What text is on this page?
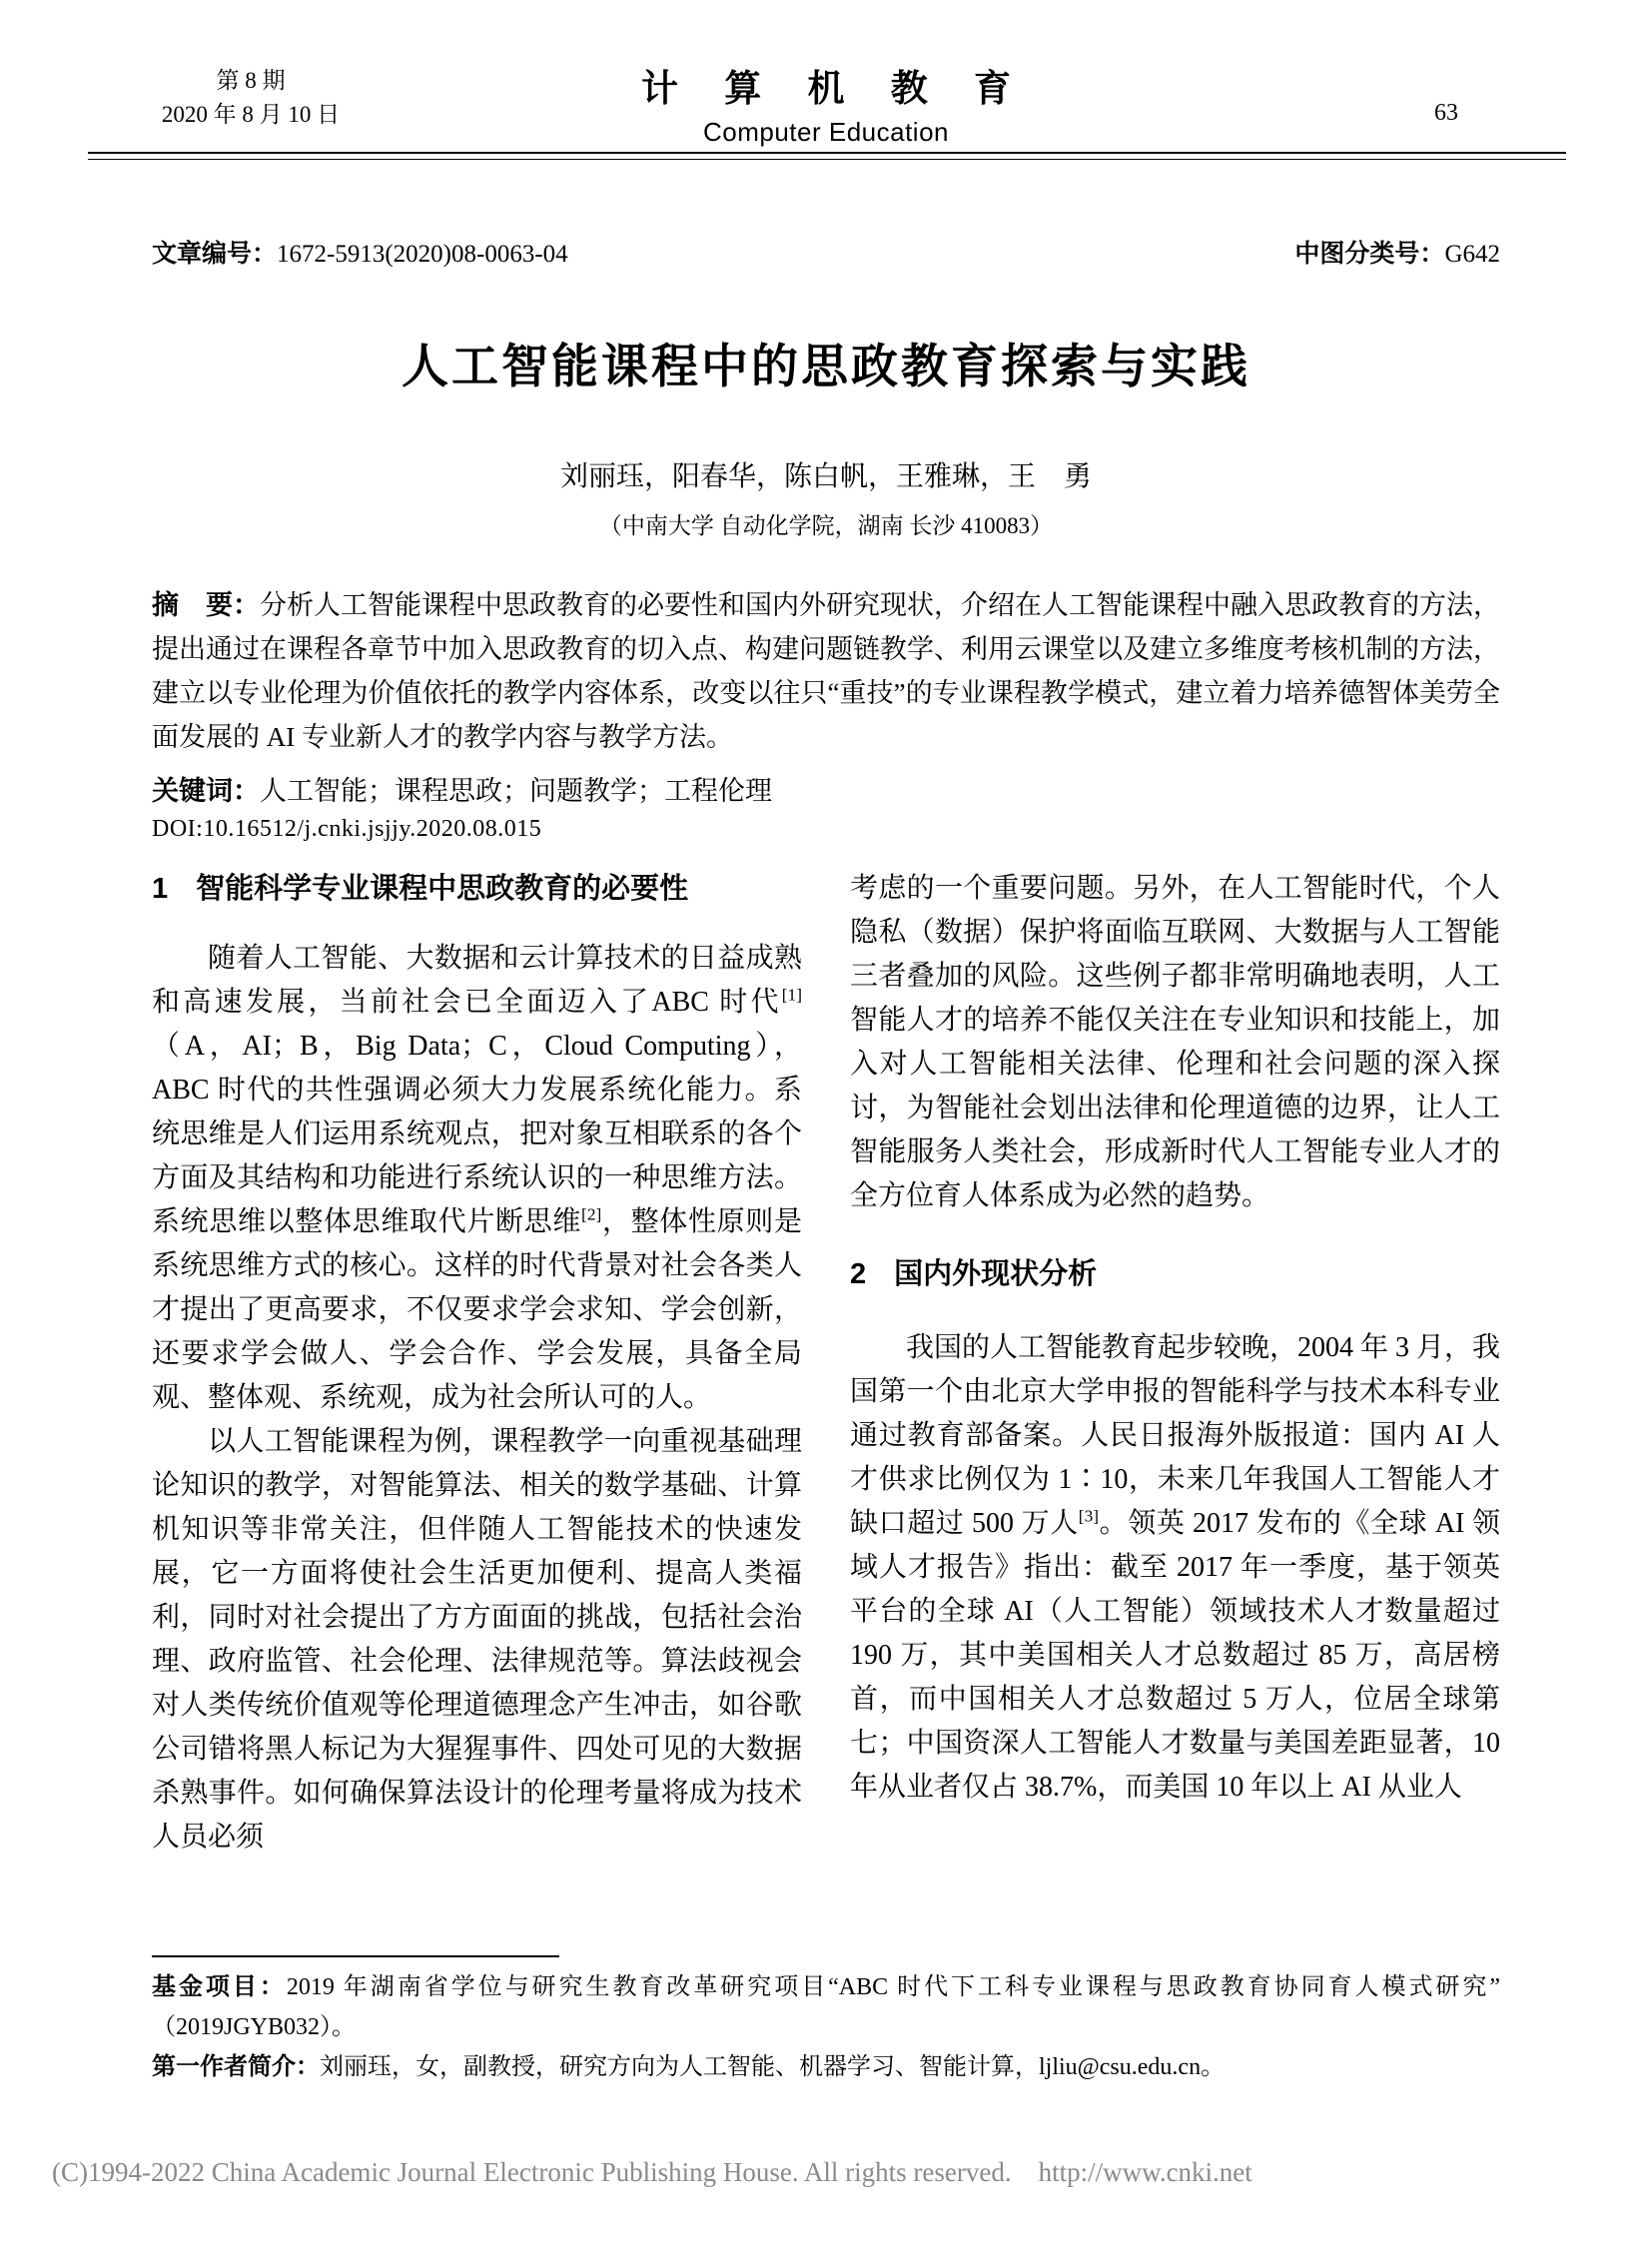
第 8 期
2020 年 8 月 10 日
计 算 机 教 育
Computer Education
63
文章编号：1672-5913(2020)08-0063-04	中图分类号：G642
人工智能课程中的思政教育探索与实践
刘丽珏，阳春华，陈白帆，王雅琳，王　勇
（中南大学 自动化学院，湖南 长沙 410083）
摘　要：分析人工智能课程中思政教育的必要性和国内外研究现状，介绍在人工智能课程中融入思政教育的方法，提出通过在课程各章节中加入思政教育的切入点、构建问题链教学、利用云课堂以及建立多维度考核机制的方法，建立以专业伦理为价值依托的教学内容体系，改变以往只“重技”的专业课程教学模式，建立着力培养德智体美劳全面发展的 AI 专业新人才的教学内容与教学方法。
关键词：人工智能；课程思政；问题教学；工程伦理
DOI:10.16512/j.cnki.jsjjy.2020.08.015
1 智能科学专业课程中思政教育的必要性

随着人工智能、大数据和云计算技术的日益成熟和高速发展，当前社会已全面迈入了ABC 时代[1]（A，AI；B，Big Data；C，Cloud Computing），ABC 时代的共性强调必须大力发展系统化能力。系统思维是人们运用系统观点，把对象互相联系的各个方面及其结构和功能进行系统认识的一种思维方法。系统思维以整体思维取代片断思维[2]，整体性原则是系统思维方式的核心。这样的时代背景对社会各类人才提出了更高要求，不仅要求学会求知、学会创新，还要求学会做人、学会合作、学会发展，具备全局观、整体观、系统观，成为社会所认可的人。

以人工智能课程为例，课程教学一向重视基础理论知识的教学，对智能算法、相关的数学基础、计算机知识等非常关注，但伴随人工智能技术的快速发展，它一方面将使社会生活更加便利、提高人类福利，同时对社会提出了方方面面的挑战，包括社会治理、政府监管、社会伦理、法律规范等。算法歧视会对人类传统价值观等伦理道德理念产生冲击，如谷歌公司错将黑人标记为大猩猩事件、四处可见的大数据杀熟事件。如何确保算法设计的伦理考量将成为技术人员必须

考虑的一个重要问题。另外，在人工智能时代，个人隐私（数据）保护将面临互联网、大数据与人工智能三者叠加的风险。这些例子都非常明确地表明，人工智能人才的培养不能仅关注在专业知识和技能上，加入对人工智能相关法律、伦理和社会问题的深入探讨，为智能社会划出法律和伦理道德的边界，让人工智能服务人类社会，形成新时代人工智能专业人才的全方位育人体系成为必然的趋势。

2 国内外现状分析

我国的人工智能教育起步较晚，2004 年 3 月，我国第一个由北京大学申报的智能科学与技术本科专业通过教育部备案。人民日报海外版报道：国内 AI 人才供求比例仅为 1∶10，未来几年我国人工智能人才缺口超过 500 万人[3]。领英 2017 发布的《全球 AI 领域人才报告》指出：截至 2017 年一季度，基于领英平台的全球 AI（人工智能）领域技术人才数量超过 190 万，其中美国相关人才总数超过 85 万，高居榜首，而中国相关人才总数超过 5 万人，位居全球第七；中国资深人工智能人才数量与美国差距显著，10 年从业者仅占 38.7%，而美国 10 年以上 AI 从业人

基金项目：2019 年湖南省学位与研究生教育改革研究项目“ABC 时代下工科专业课程与思政教育协同育人模式研究”（2019JGYB032）。

第一作者简介：刘丽珏，女，副教授，研究方向为人工智能、机器学习、智能计算，ljliu@csu.edu.cn。

(C)1994-2022 China Academic Journal Electronic Publishing House. All rights reserved.    http://www.cnki.net
